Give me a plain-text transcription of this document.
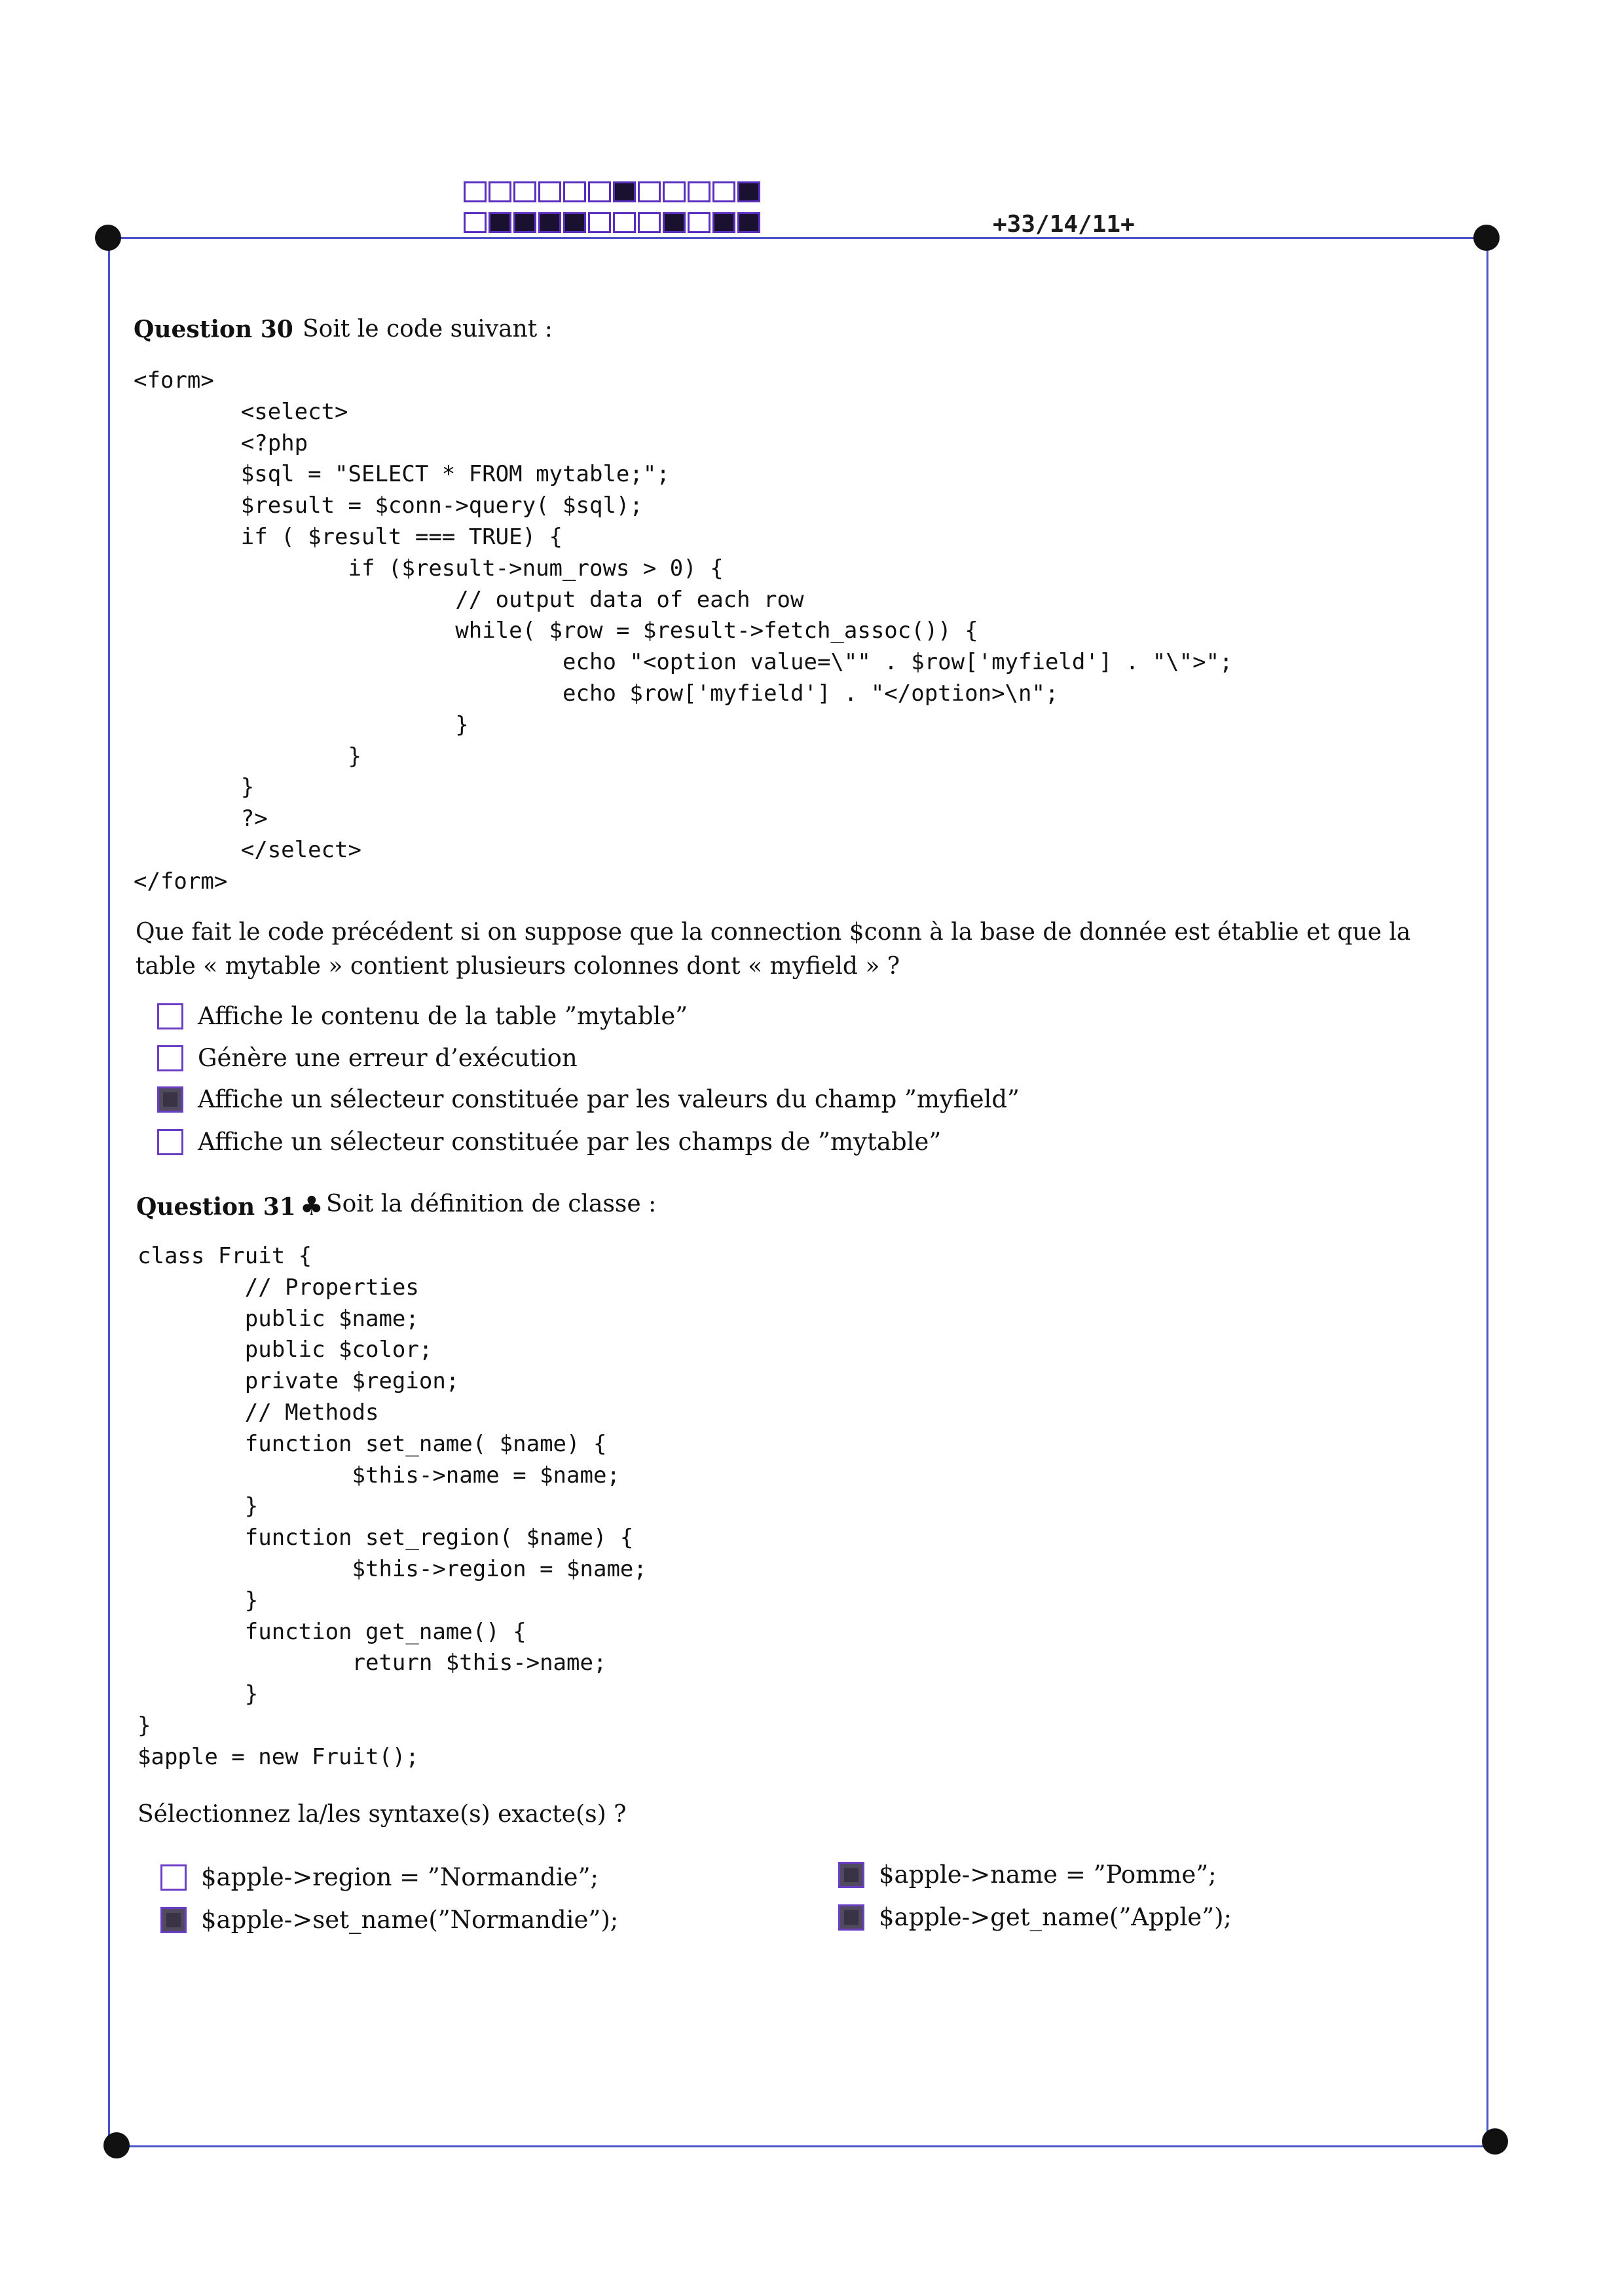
+33/14/11+
Question 30 Soit le code suivant :
<form>
<select>
<?php
$sql = "SELECT * FROM mytable;";
$result = $conn->query( $sql);
if ( $result === TRUE) {
if ($result->num_rows > 0) {
// output data of each row
while( $row = $result->fetch_assoc()) {
echo "<option value=\"" . $row['myfield'] . "\">";
echo $row['myfield'] . "</option>\n";
}
}
}
?>
</select>
</form>
Que fait le code précédent si on suppose que la connection $conn à la base de donnée est établie et que la table « mytable » contient plusieurs colonnes dont « myfield » ?
Affiche le contenu de la table ”mytable”
Génère une erreur d’exécution
Affiche un sélecteur constituée par les valeurs du champ ”myfield”
Affiche un sélecteur constituée par les champs de ”mytable”
Question 31 ♣ Soit la définition de classe :
class Fruit {
// Properties
public $name;
public $color;
private $region;
// Methods
function set_name( $name) {
$this->name = $name;
}
function set_region( $name) {
$this->region = $name;
}
function get_name() {
return $this->name;
}
}
$apple = new Fruit();
Sélectionnez la/les syntaxe(s) exacte(s) ?
$apple->region = ”Normandie”;
$apple->set_name(”Normandie”);
$apple->name = ”Pomme”;
$apple->get_name(”Apple”);
